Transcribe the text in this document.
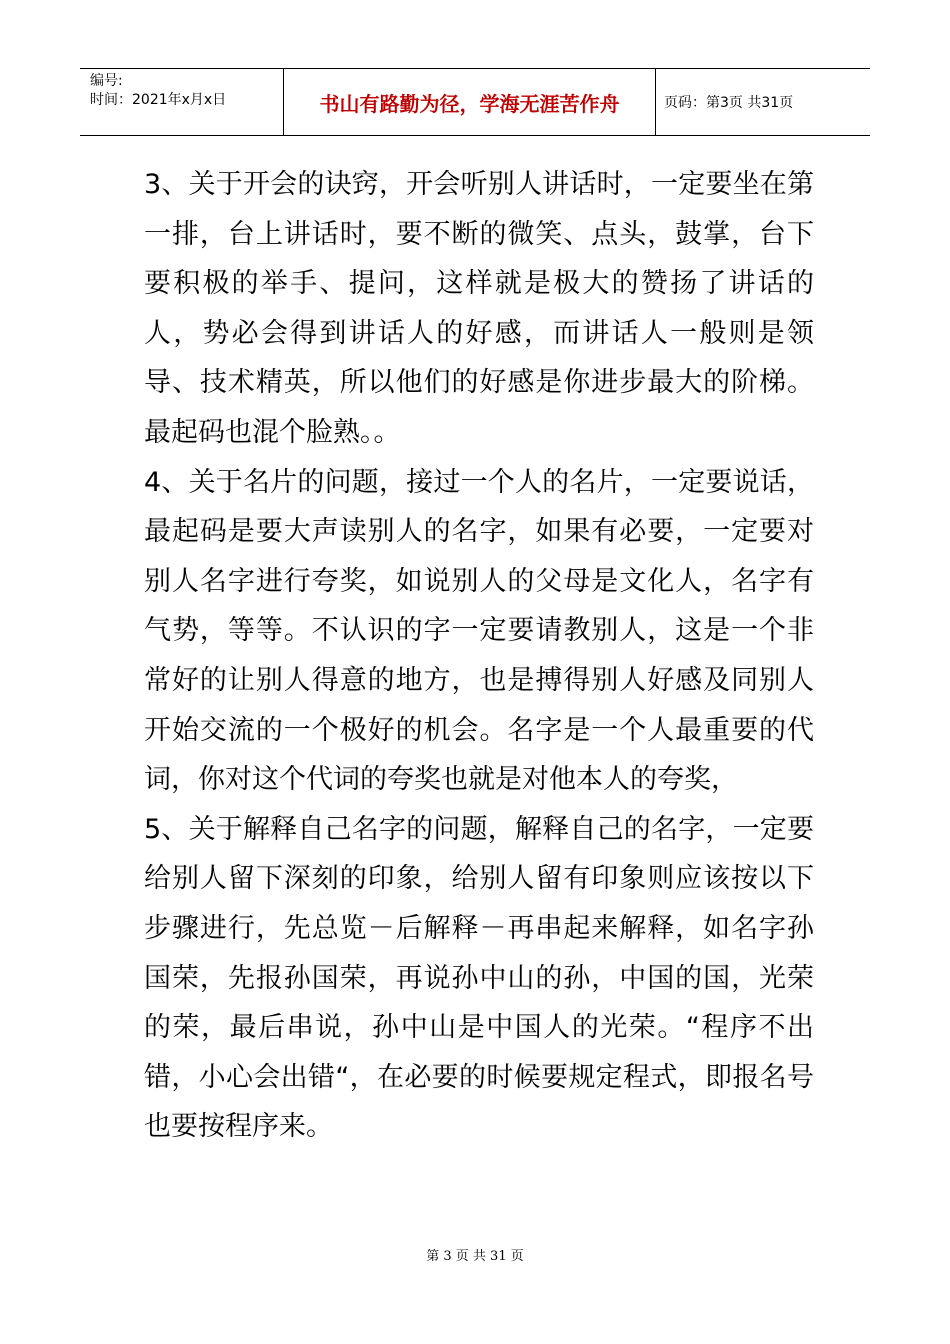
编号:
时间：2021年x月x日	书山有路勤为径，学海无涯苦作舟	页码：第3页 共31页

3、关于开会的诀窍，开会听别人讲话时，一定要坐在第一排，台上讲话时，要不断的微笑、点头，鼓掌，台下要积极的举手、提问，这样就是极大的赞扬了讲话的人，势必会得到讲话人的好感，而讲话人一般则是领导、技术精英，所以他们的好感是你进步最大的阶梯。最起码也混个脸熟。。

4、关于名片的问题，接过一个人的名片，一定要说话，最起码是要大声读别人的名字，如果有必要，一定要对别人名字进行夸奖，如说别人的父母是文化人，名字有气势，等等。不认识的字一定要请教别人，这是一个非常好的让别人得意的地方，也是搏得别人好感及同别人开始交流的一个极好的机会。名字是一个人最重要的代词，你对这个代词的夸奖也就是对他本人的夸奖，

5、关于解释自己名字的问题，解释自己的名字，一定要给别人留下深刻的印象，给别人留有印象则应该按以下步骤进行，先总览－后解释－再串起来解释，如名字孙国荣，先报孙国荣，再说孙中山的孙，中国的国，光荣的荣，最后串说，孙中山是中国人的光荣。“程序不出错，小心会出错“，在必要的时候要规定程式，即报名号也要按程序来。

第 3 页 共 31 页
